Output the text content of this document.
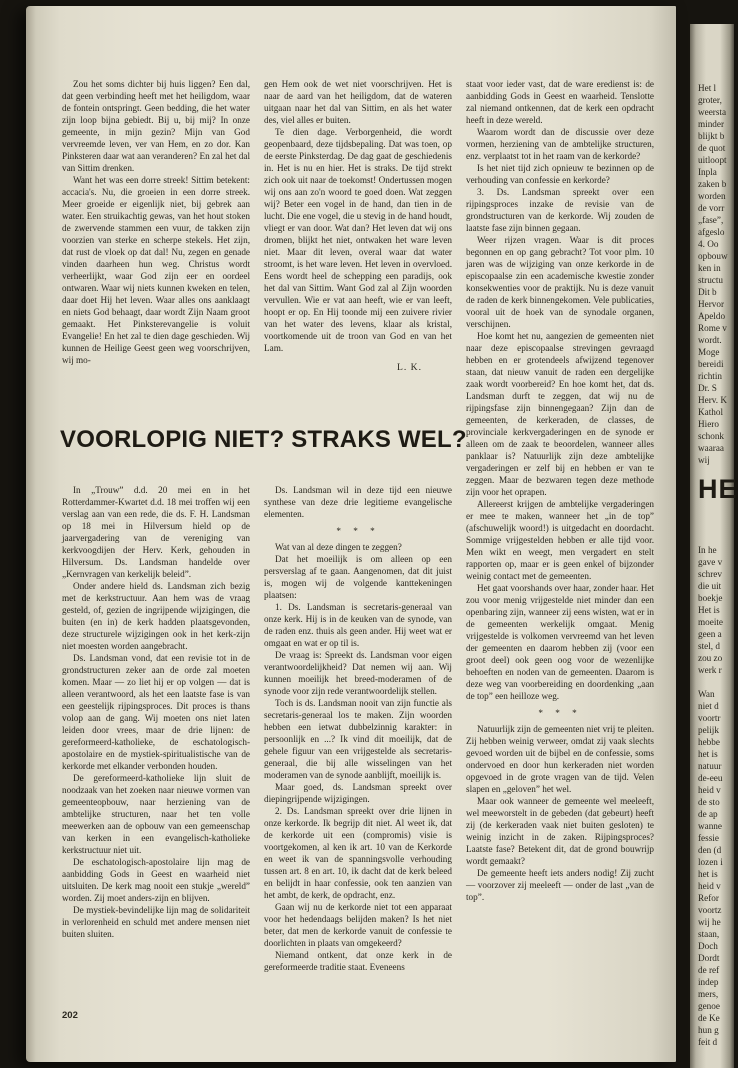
Zou het soms dichter bij huis liggen? Een dal, dat geen verbinding heeft met het heiligdom, waar de fontein ontspringt. Geen bedding, die het water zijn loop bijna gebiedt. Bij u, bij mij? In onze gemeente, in mijn gezin? Mijn van God vervreemde leven, ver van Hem, en zo dor. Kan Pinksteren daar wat aan veranderen? En zal het dal van Sittim drenken.

Want het was een dorre streek! Sittim betekent: accacia's. Nu, die groeien in een dorre streek. Meer groeide er eigenlijk niet, bij gebrek aan water. Een struikachtig gewas, van het hout stoken de zwervende stammen een vuur, de takken zijn voorzien van sterke en scherpe stekels. Het zijn, dat rust de vloek op dat dal! Nu, zegen en genade vinden daarheen hun weg. Christus wordt verheerlijkt, waar God zijn eer en oordeel ontwaren. Waar wij niets kunnen kweken en telen, daar doet Hij het leven. Waar alles ons aanklaagt en niets God behaagt, daar wordt Zijn Naam groot gemaakt. Het Pinksterevangelie is voluit Evangelie! En het zal te dien dage geschieden. Wij kunnen de Heilige Geest geen weg voorschrijven, wij mo-

gen Hem ook de wet niet voorschrijven. Het is naar de aard van het heiligdom, dat de wateren uitgaan naar het dal van Sittim, en als het water des, viel alles er buiten.

Te dien dage. Verborgenheid, die wordt geopenbaard, deze tijdsbepaling. Dat was toen, op de eerste Pinksterdag. De dag gaat de geschiedenis in. Het is nu en hier. Het is straks. De tijd strekt zich ook uit naar de toekomst! Ondertussen mogen wij ons aan zo'n woord te goed doen. Wat zeggen wij? Beter een vogel in de hand, dan tien in de lucht. Die ene vogel, die u stevig in de hand houdt, vliegt er van door. Wat dan? Het leven dat wij ons dromen, blijkt het niet, ontwaken het ware leven niet. Maar dit leven, overal waar dat water stroomt, is het ware leven. Het leven in overvloed. Eens wordt heel de schepping een paradijs, ook het dal van Sittim. Want God zal al Zijn woorden vervullen. Wie er vat aan heeft, wie er van leeft, hoopt er op. En Hij toonde mij een zuivere rivier van het water des levens, klaar als kristal, voortkomende uit de troon van God en van het Lam.

L. K.

VOORLOPIG NIET? STRAKS WEL?

In „Trouw” d.d. 20 mei en in het Rotterdammer-Kwartet d.d. 18 mei troffen wij een verslag aan van een rede, die ds. F. H. Landsman op 18 mei in Hilversum hield op de jaarvergadering van de vereniging van kerkvoogdijen der Herv. Kerk, gehouden in Hilversum. Ds. Landsman handelde over „Kernvragen van kerkelijk beleid”.

Onder andere hield ds. Landsman zich bezig met de kerkstructuur. Aan hem was de vraag gesteld, of, gezien de ingrijpende wijzigingen, die buiten (en in) de kerk hadden plaatsgevonden, deze structurele wijzigingen ook in het kerk-zijn niet moesten worden aangebracht.

Ds. Landsman vond, dat een revisie tot in de grondstructuren zeker aan de orde zal moeten komen. Maar — zo liet hij er op volgen — dat is alleen verantwoord, als het een laatste fase is van een geestelijk rijpingsproces. Dit proces is thans volop aan de gang. Wij moeten ons niet laten leiden door vrees, maar de drie lijnen: de gereformeerd-katholieke, de eschatologisch-apostolaire en de mystiek-spiritualistische van de kerkorde met elkander verbonden houden.

De gereformeerd-katholieke lijn sluit de noodzaak van het zoeken naar nieuwe vormen van gemeenteopbouw, naar herziening van de ambtelijke structuren, naar het ten volle meewerken aan de opbouw van een gemeenschap van kerken in een evangelisch-katholieke kerkstructuur niet uit.

De eschatologisch-apostolaire lijn mag de aanbidding Gods in Geest en waarheid niet uitsluiten. De kerk mag nooit een stukje „wereld” worden. Zij moet anders-zijn en blijven.

De mystiek-bevindelijke lijn mag de solidariteit in verlorenheid en schuld met andere mensen niet buiten sluiten.

Ds. Landsman wil in deze tijd een nieuwe synthese van deze drie legitieme evangelische elementen.

* * *

Wat van al deze dingen te zeggen?

Dat het moeilijk is om alleen op een persverslag af te gaan. Aangenomen, dat dit juist is, mogen wij de volgende kanttekeningen plaatsen:

1. Ds. Landsman is secretaris-generaal van onze kerk. Hij is in de keuken van de synode, van de raden enz. thuis als geen ander. Hij weet wat er omgaat en wat er op til is.

De vraag is: Spreekt ds. Landsman voor eigen verantwoordelijkheid? Dat nemen wij aan. Wij kunnen moeilijk het breed-moderamen of de synode voor zijn rede verantwoordelijk stellen.

Toch is ds. Landsman nooit van zijn functie als secretaris-generaal los te maken. Zijn woorden hebben een ietwat dubbelzinnig karakter: in persoonlijk en ...? Ik vind dit moeilijk, dat de gehele figuur van een vrijgestelde als secretaris-generaal, die bij alle wisselingen van het moderamen van de synode aanblijft, moeilijk is.

Maar goed, ds. Landsman spreekt over diepingrijpende wijzigingen.

2. Ds. Landsman spreekt over drie lijnen in onze kerkorde. Ik begrijp dit niet. Al weet ik, dat de kerkorde uit een (compromis) visie is voortgekomen, al ken ik art. 10 van de Kerkorde en weet ik van de spanningsvolle verhouding tussen art. 8 en art. 10, ik dacht dat de kerk beleed en belijdt in haar confessie, ook ten aanzien van het ambt, de kerk, de opdracht, enz.

Gaan wij nu de kerkorde niet tot een apparaat voor het hedendaags belijden maken? Is het niet beter, dat men de kerkorde vanuit de confessie te doorlichten in plaats van omgekeerd?

Niemand ontkent, dat onze kerk in de gereformeerde traditie staat. Eveneens

staat voor ieder vast, dat de ware eredienst is: de aanbidding Gods in Geest en waarheid. Tenslotte zal niemand ontkennen, dat de kerk een opdracht heeft in deze wereld.

Waarom wordt dan de discussie over deze vormen, herziening van de ambtelijke structuren, enz. verplaatst tot in het raam van de kerkorde?

Is het niet tijd zich opnieuw te bezinnen op de verhouding van confessie en kerkorde?

3. Ds. Landsman spreekt over een rijpingsproces inzake de revisie van de grondstructuren van de kerkorde. Wij zouden de laatste fase zijn binnen gegaan.

Weer rijzen vragen. Waar is dit proces begonnen en op gang gebracht? Tot voor plm. 10 jaren was de wijziging van onze kerkorde in de episcopaalse zin een academische kwestie zonder konsekwenties voor de praktijk. Nu is deze vanuit de raden de kerk binnengekomen. Vele publicaties, vooral uit de hoek van de synodale organen, verschijnen.

Hoe komt het nu, aangezien de gemeenten niet naar deze episcopaalse strevingen gevraagd hebben en er grotendeels afwijzend tegenover staan, dat nieuw vanuit de raden een dergelijke zaak wordt voorbereid? En hoe komt het, dat ds. Landsman durft te zeggen, dat wij nu de rijpingsfase zijn binnengegaan? Zijn dan de gemeenten, de kerkeraden, de classes, de provinciale kerkvergaderingen en de synode er alleen om de zaak te beoordelen, wanneer alles panklaar is? Natuurlijk zijn deze ambtelijke vergaderingen er zelf bij en hebben er van te zeggen. Maar de bezwaren tegen deze methode zijn voor het oprapen.

Allereerst krijgen de ambtelijke vergaderingen er mee te maken, wanneer het „in de top” (afschuwelijk woord!) is uitgedacht en doordacht. Sommige vrijgestelden hebben er alle tijd voor. Men wikt en weegt, men vergadert en stelt rapporten op, maar er is geen enkel of bijzonder weinig contact met de gemeenten.

Het gaat voorshands over haar, zonder haar. Het zou voor menig vrijgestelde niet minder dan een openbaring zijn, wanneer zij eens wisten, wat er in de gemeenten werkelijk omgaat. Menig vrijgestelde is volkomen vervreemd van het leven der gemeenten en daarom hebben zij (voor een groot deel) ook geen oog voor de wezenlijke behoeften en noden van de gemeenten. Daarom is deze weg van voorbereiding en doordenking „aan de top” een heilloze weg.

* * *

Natuurlijk zijn de gemeenten niet vrij te pleiten. Zij hebben weinig verweer, omdat zij vaak slechts gevoed worden uit de bijbel en de confessie, soms ondervoed en door hun kerkeraden niet worden opgevoed in de grote vragen van de tijd. Velen slapen en „geloven” het wel.

Maar ook wanneer de gemeente wel meeleeft, wel meeworstelt in de gebeden (dat gebeurt) heeft zij (de kerkeraden vaak niet buiten gesloten) te weinig inzicht in de zaken. Rijpingsproces? Laatste fase? Betekent dit, dat de grond bouwrijp wordt gemaakt?

De gemeente heeft iets anders nodig! Zij zucht — voorzover zij meeleeft — onder de last „van de top”.

202

Het l

groter,

weersta

minder

blijkt b

de quot

uitloopt

Inpla

zaken b

worden

de vorr

„fase”,

afgeslo

4. Oo

opbouw

ken in

structu

Dit b

Hervor

Apeldo

Rome v

wordt.

Moge

bereidi

richtin

Dr. S

Herv. K

Kathol

Hiero

schonk

waaraa

wij

HE

In he

gave v

schrev

die uit

boekje

Het is

moeite

geen a

stel, d

zou zo

werk r

Wan

niet d

voortr

pelijk

hebbe

het is

natuur

de-eeu

heid v

de sto

de ap

wanne

fessie

den (d

lozen i

het is

heid v

Refor

voortz

wij he

staan,

Doch

Dordt

de ref

indep

mers,

genoe

de Ke

hun g

feit d
